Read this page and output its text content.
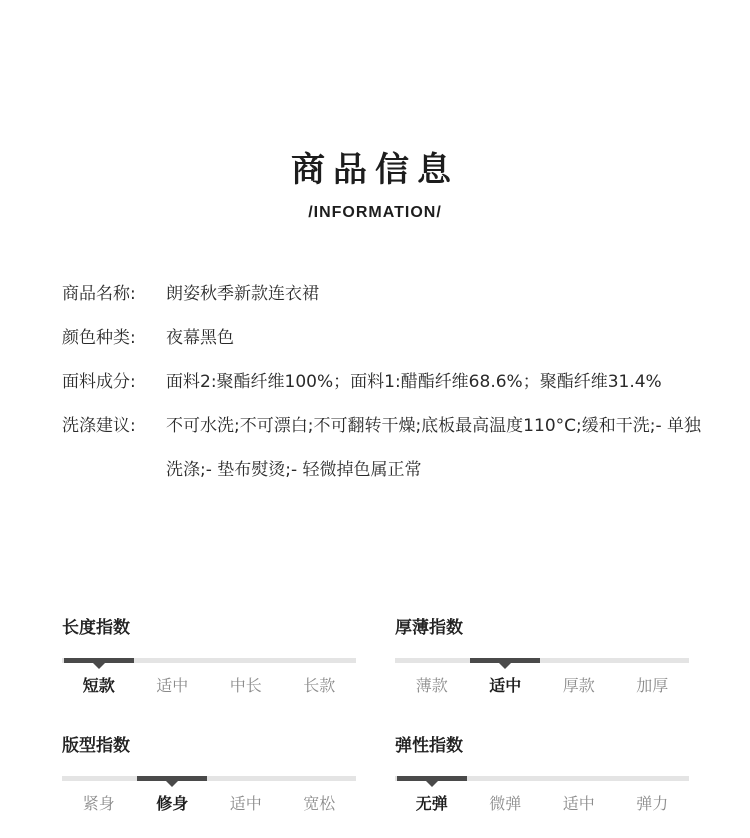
商品信息
/INFORMATION/
商品名称:	朗姿秋季新款连衣裙
颜色种类:	夜幕黑色
面料成分:	面料2:聚酯纤维100%；面料1:醋酯纤维68.6%；聚酯纤维31.4%
洗涤建议:	不可水洗;不可漂白;不可翻转干燥;底板最高温度110°C;缓和干洗;- 单独洗涤;- 垫布熨烫;- 轻微掉色属正常
长度指数
短款	适中	中长	长款
厚薄指数
薄款	适中	厚款	加厚
版型指数
紧身	修身	适中	宽松
弹性指数
无弹	微弹	适中	弹力
